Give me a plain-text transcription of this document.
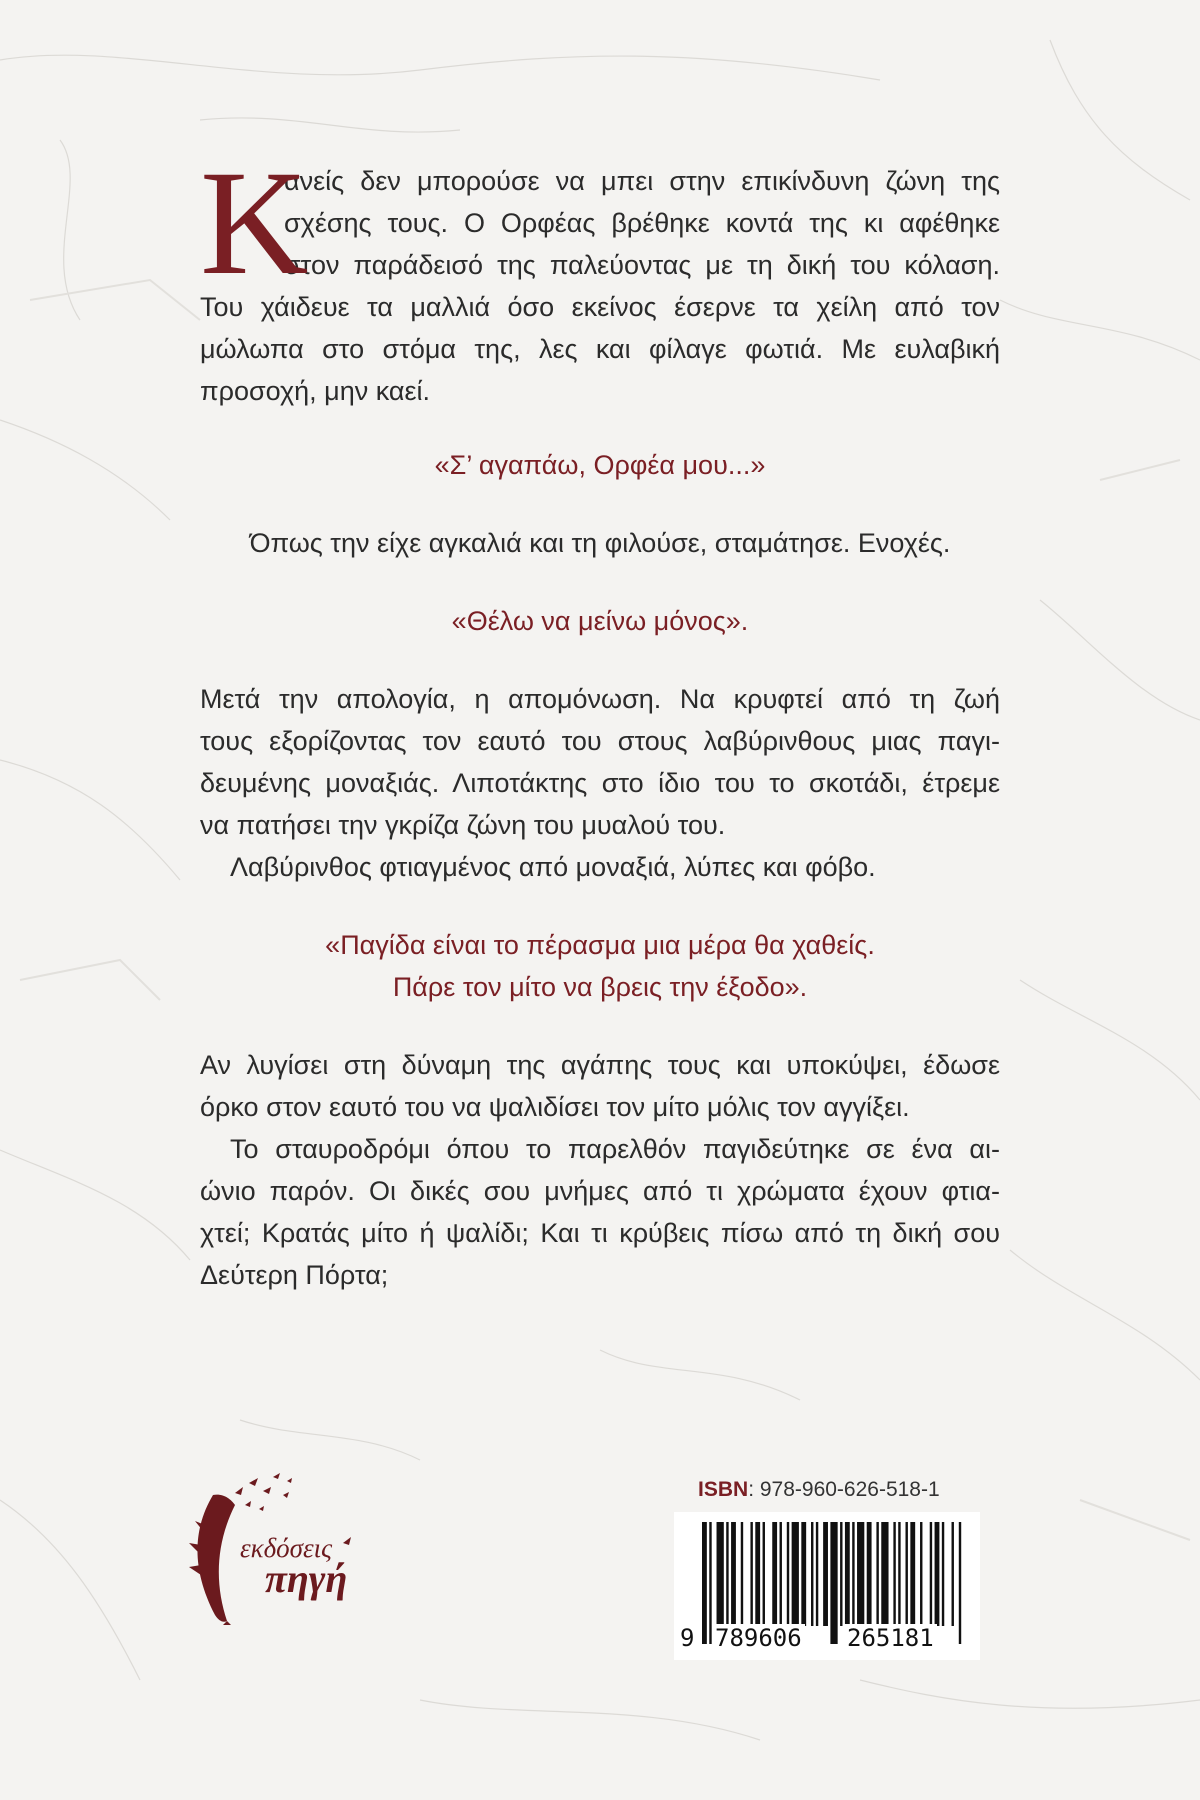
Κ
ανείς δεν μπορούσε να μπει στην επικίνδυνη ζώνη της
σχέσης τους. Ο Ορφέας βρέθηκε κοντά της κι αφέθηκε
στον παράδεισό της παλεύοντας με τη δική του κόλαση.
Του χάιδευε τα μαλλιά όσο εκείνος έσερνε τα χείλη από τον
μώλωπα στο στόμα της, λες και φίλαγε φωτιά. Με ευλαβική
προσοχή, μην καεί.

«Σ’ αγαπάω, Ορφέα μου...»

Όπως την είχε αγκαλιά και τη φιλούσε, σταμάτησε. Ενοχές.

«Θέλω να μείνω μόνος».

Μετά την απολογία, η απομόνωση. Να κρυφτεί από τη ζωή
τους εξορίζοντας τον εαυτό του στους λαβύρινθους μιας παγι-
δευμένης μοναξιάς. Λιποτάκτης στο ίδιο του το σκοτάδι, έτρεμε
να πατήσει την γκρίζα ζώνη του μυαλού του.
Λαβύρινθος φτιαγμένος από μοναξιά, λύπες και φόβο.

«Παγίδα είναι το πέρασμα μια μέρα θα χαθείς.

Πάρε τον μίτο να βρεις την έξοδο».

Αν λυγίσει στη δύναμη της αγάπης τους και υποκύψει, έδωσε
όρκο στον εαυτό του να ψαλιδίσει τον μίτο μόλις τον αγγίξει.
Το σταυροδρόμι όπου το παρελθόν παγιδεύτηκε σε ένα αι-
ώνιο παρόν. Οι δικές σου μνήμες από τι χρώματα έχουν φτια-
χτεί; Κρατάς μίτο ή ψαλίδι; Και τι κρύβεις πίσω από τη δική σου
Δεύτερη Πόρτα;
εκδόσεις
πηγή
ISBN: 978-960-626-518-1
9 789606 265181
